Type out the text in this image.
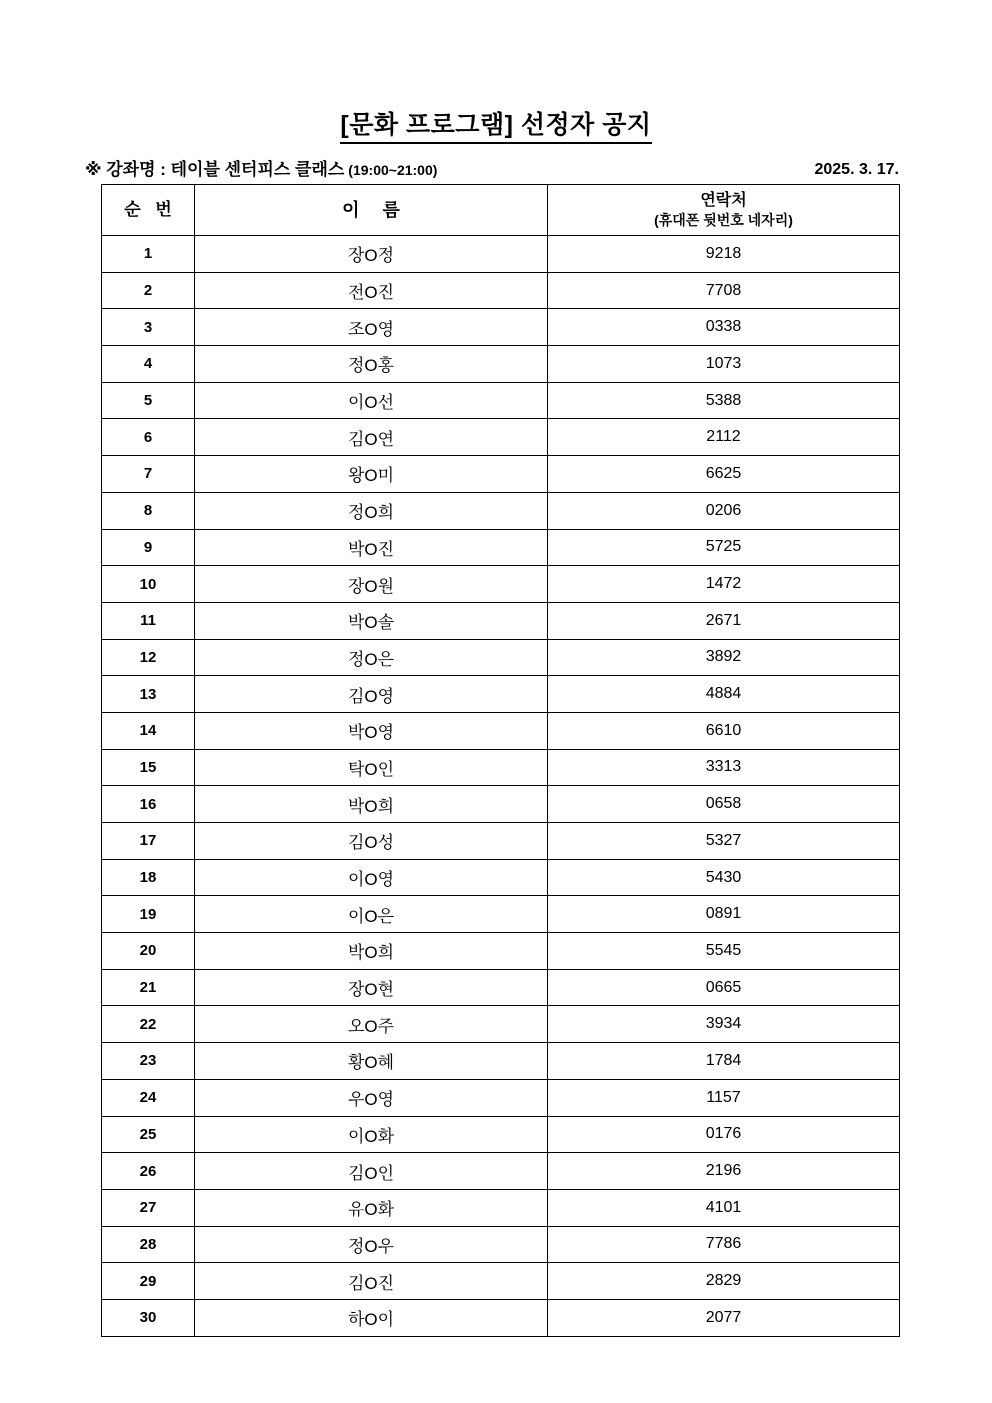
[문화 프로그램] 선정자 공지
※ 강좌명 : 테이블 센터피스 클래스 (19:00~21:00)	2025. 3. 17.
순 번	이 름	연락처
(휴대폰 뒷번호 네자리)

1	장O정	9218
2	전O진	7708
3	조O영	0338
4	정O홍	1073
5	이O선	5388
6	김O연	2112
7	왕O미	6625
8	정O희	0206
9	박O진	5725
10	장O원	1472
11	박O솔	2671
12	정O은	3892
13	김O영	4884
14	박O영	6610
15	탁O인	3313
16	박O희	0658
17	김O성	5327
18	이O영	5430
19	이O은	0891
20	박O희	5545
21	장O현	0665
22	오O주	3934
23	황O혜	1784
24	우O영	1157
25	이O화	0176
26	김O인	2196
27	유O화	4101
28	정O우	7786
29	김O진	2829
30	하O이	2077
